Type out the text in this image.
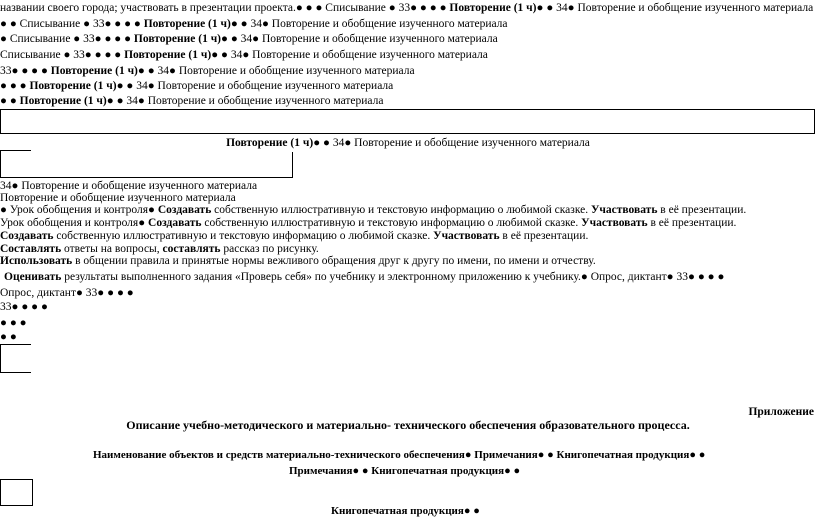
названии своего города; участвовать в презентации проекта.● ● ● Списывание ● 33● ● ● ● Повторение (1 ч)● ● 34● Повторение и обобщение изученного материала
● ● Списывание ● 33● ● ● ● Повторение (1 ч)● ● 34● Повторение и обобщение изученного материала
● Списывание ● 33● ● ● ● Повторение (1 ч)● ● 34● Повторение и обобщение изученного материала
Списывание ● 33● ● ● ● Повторение (1 ч)● ● 34● Повторение и обобщение изученного материала
33● ● ● ● Повторение (1 ч)● ● 34● Повторение и обобщение изученного материала
● ● ● Повторение (1 ч)● ● 34● Повторение и обобщение изученного материала
● ● Повторение (1 ч)● ● 34● Повторение и обобщение изученного материала
Повторение (1 ч)● ● 34● Повторение и обобщение изученного материала
34● Повторение и обобщение изученного материала
Повторение и обобщение изученного материала
● Урок обобщения и контроля● Создавать собственную иллюстративную и текстовую информацию о любимой сказке. Участвовать в её презентации.
Урок обобщения и контроля● Создавать собственную иллюстративную и текстовую информацию о любимой сказке. Участвовать в её презентации.
Создавать собственную иллюстративную и текстовую информацию о любимой сказке. Участвовать в её презентации.
Составлять ответы на вопросы, составлять рассказ по рисунку.
Использовать в общении правила и принятые нормы вежливого обращения друг к другу по имени, по имени и отчеству.
Оценивать результаты выполненного задания «Проверь себя» по учебнику и электронному приложению к учебнику.● Опрос, диктант● 33● ● ● ●
Опрос, диктант● 33● ● ● ●
33● ● ● ●
● ● ●
● ●
Приложение
Описание учебно-методического и материально- технического обеспечения образовательного процесса.
Наименование объектов и средств материально-технического обеспечения● Примечания● ● Книгопечатная продукция● ●
Примечания● ● Книгопечатная продукция● ●
Книгопечатная продукция● ●
